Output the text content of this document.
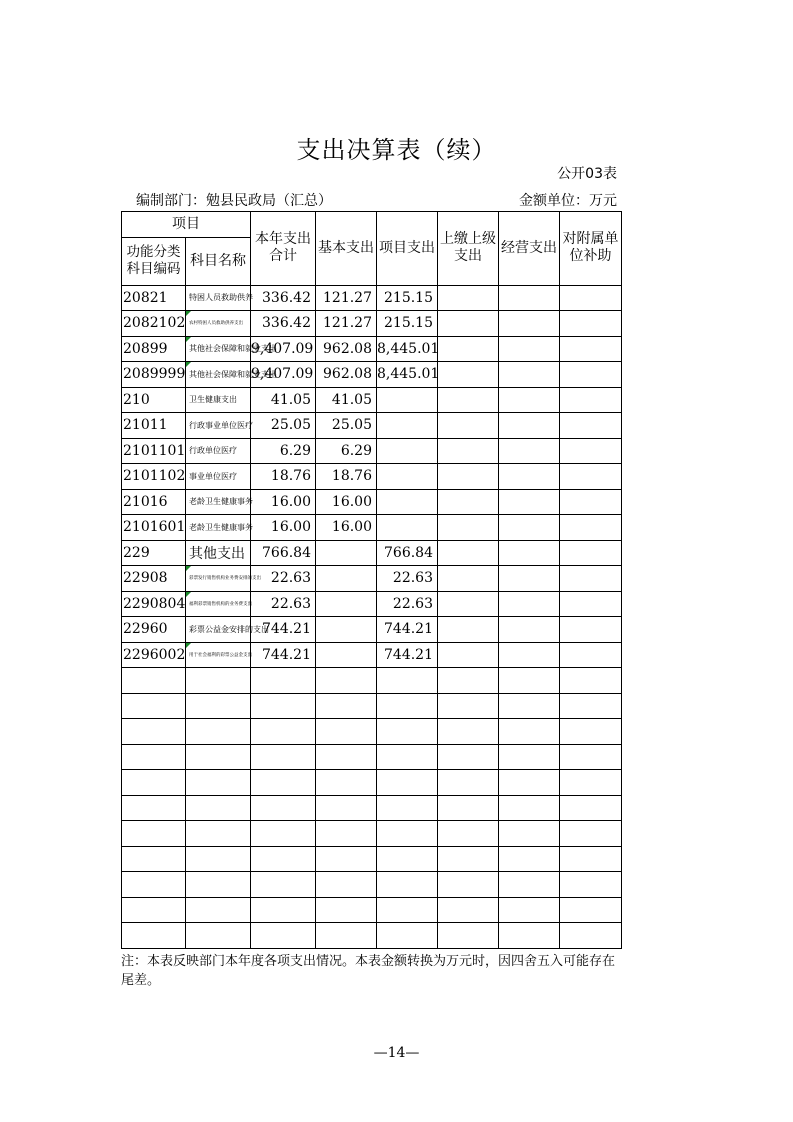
支出决算表（续）
公开03表
编制部门：勉县民政局（汇总）	金额单位：万元
项目		本年支出合计	基本支出	项目支出	上缴上级支出	经营支出	对附属单位补助
功能分类科目编码	科目名称						
20821	特困人员救助供养	336.42	121.27	215.15			
2082102	农村特困人员救助供养支出	336.42	121.27	215.15			
20899	其他社会保障和就业支出	9,407.09	962.08	8,445.01			
2089999	其他社会保障和就业支出	9,407.09	962.08	8,445.01			
210	卫生健康支出	41.05	41.05				
21011	行政事业单位医疗	25.05	25.05				
2101101	行政单位医疗	6.29	6.29				
2101102	事业单位医疗	18.76	18.76				
21016	老龄卫生健康事务	16.00	16.00				
2101601	老龄卫生健康事务	16.00	16.00				
229	其他支出	766.84		766.84			
22908	彩票发行销售机构业务费安排的支出	22.63		22.63			
2290804	福利彩票销售机构的业务费支出	22.63		22.63			
22960	彩票公益金安排的支出	744.21		744.21			
2296002	用于社会福利的彩票公益金支出	744.21		744.21			

注：本表反映部门本年度各项支出情况。本表金额转换为万元时，因四舍五入可能存在尾差。
—14—
